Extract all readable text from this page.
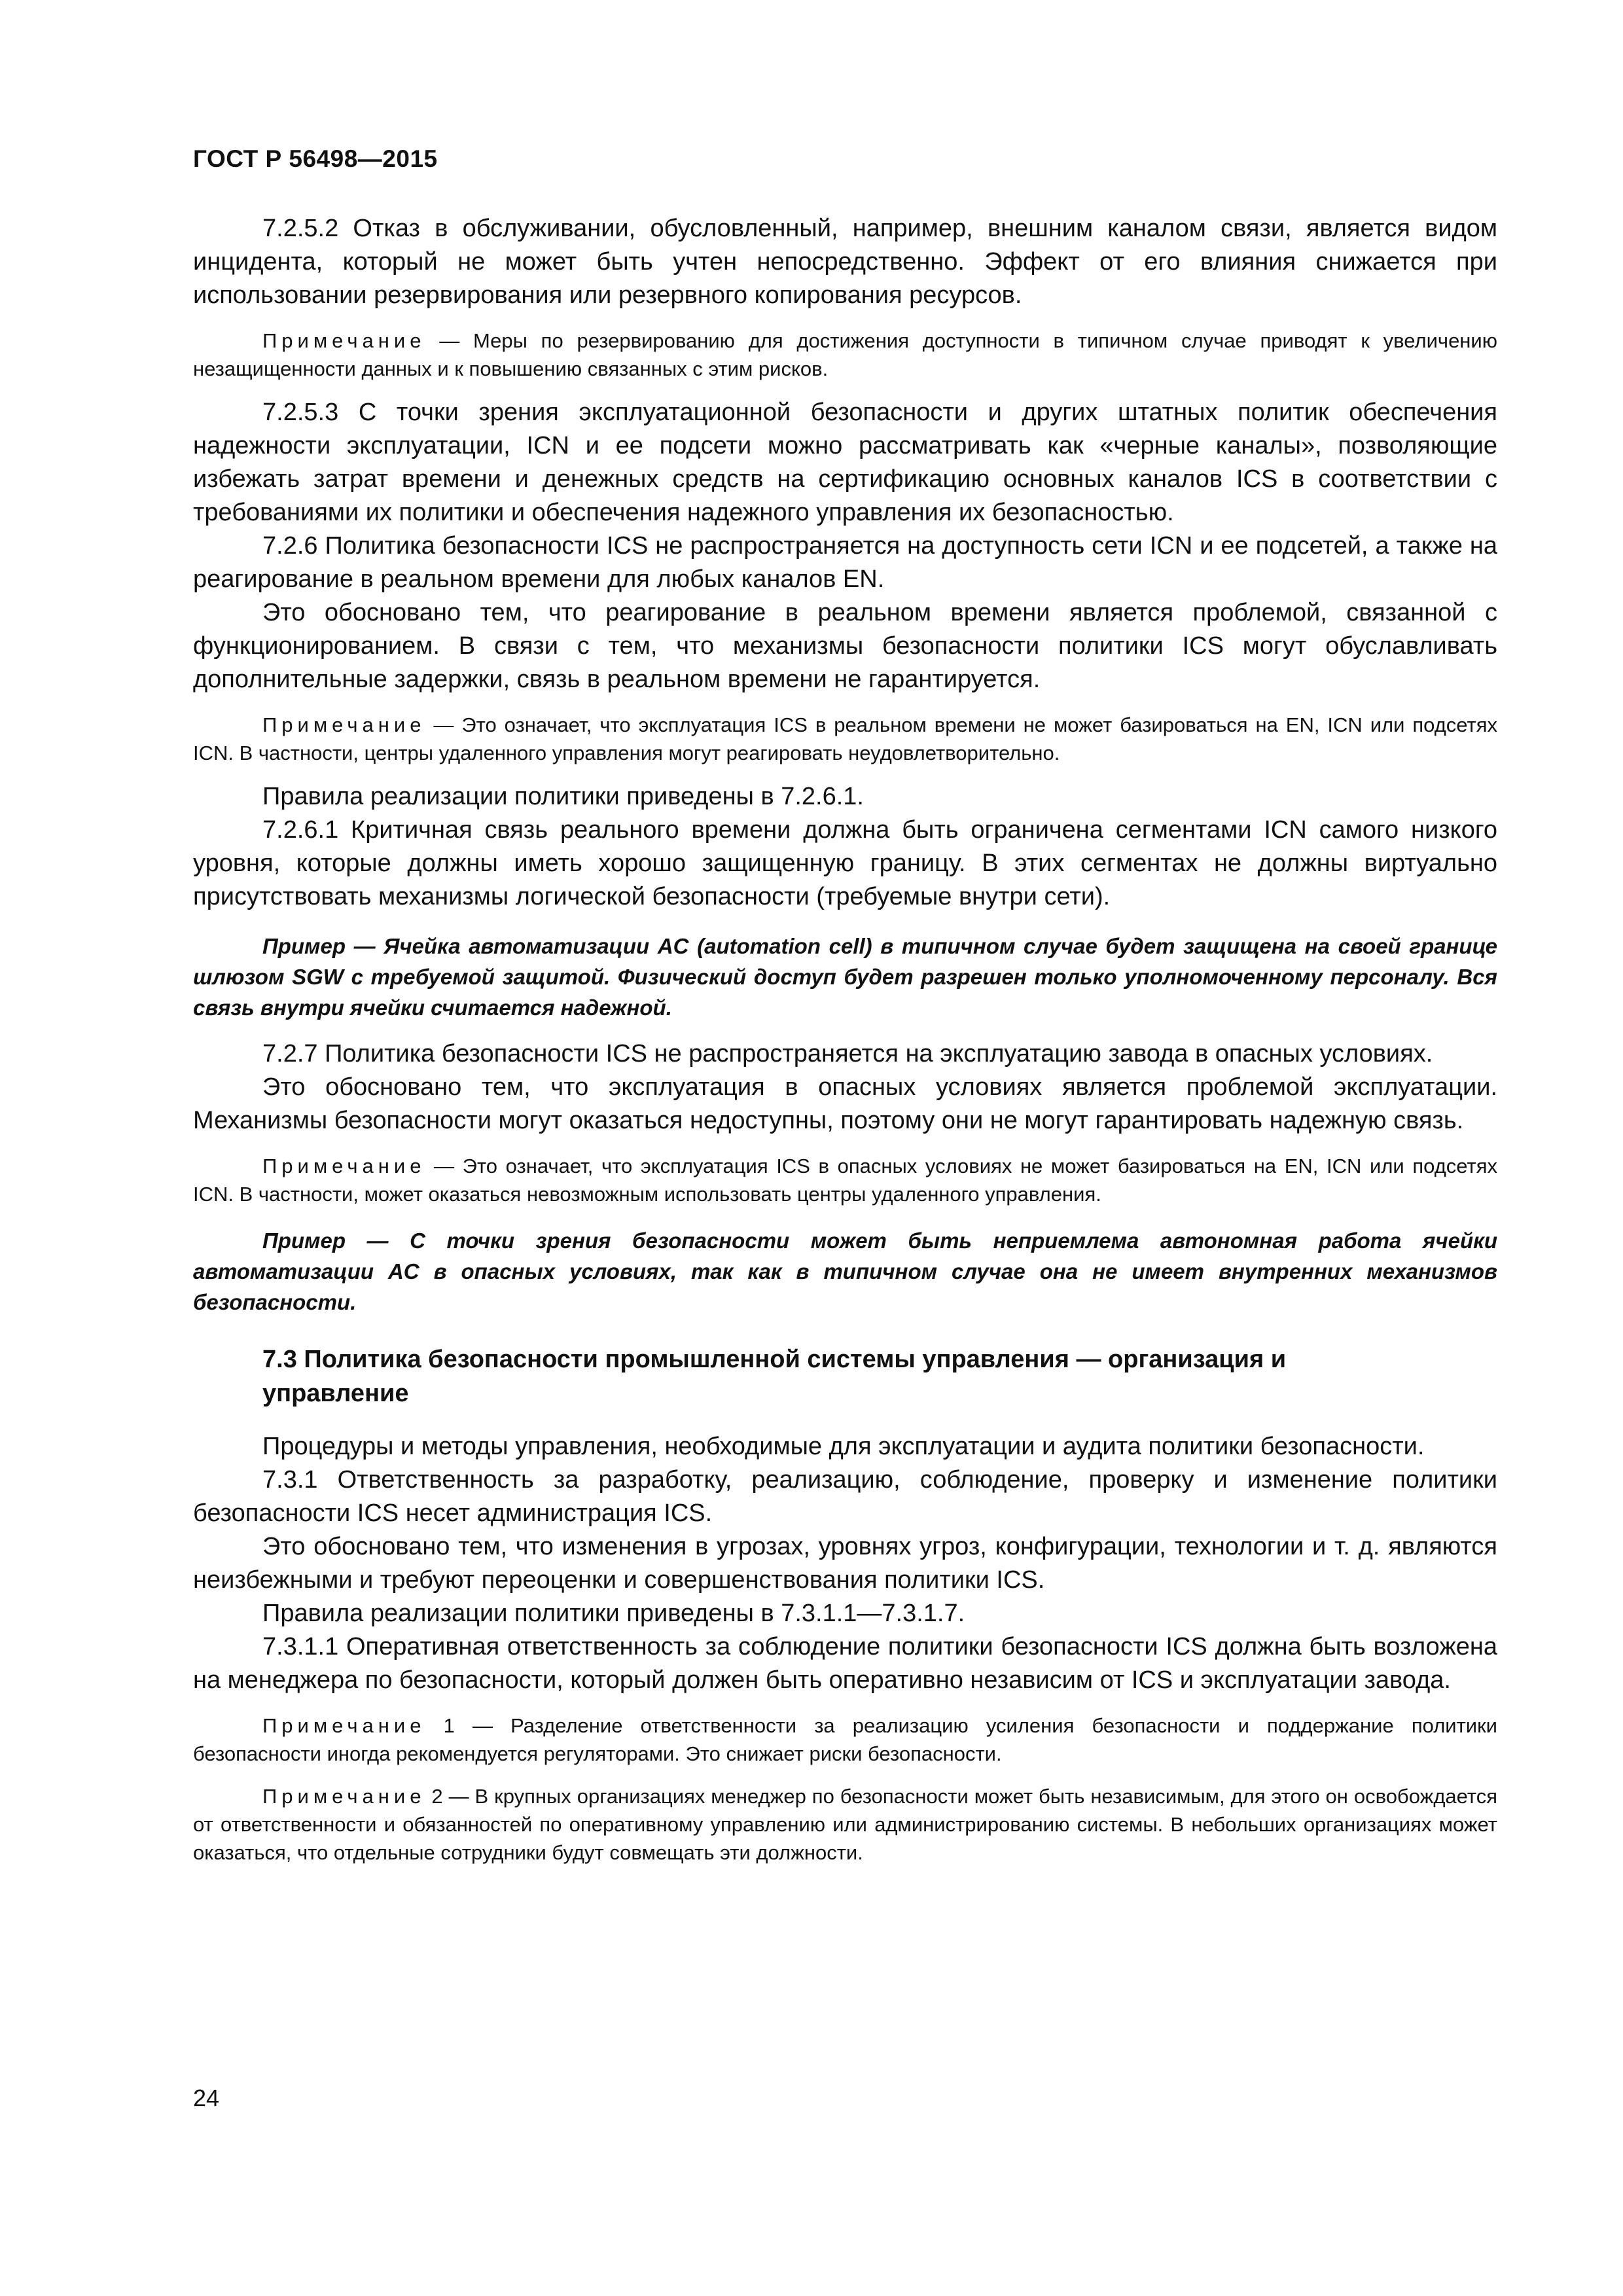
ГОСТ Р 56498—2015

7.2.5.2 Отказ в обслуживании, обусловленный, например, внешним каналом связи, является видом инцидента, который не может быть учтен непосредственно. Эффект от его влияния снижается при использовании резервирования или резервного копирования ресурсов.

Примечание — Меры по резервированию для достижения доступности в типичном случае приводят к увеличению незащищенности данных и к повышению связанных с этим рисков.

7.2.5.3 С точки зрения эксплуатационной безопасности и других штатных политик обеспечения надежности эксплуатации, ICN и ее подсети можно рассматривать как «черные каналы», позволяющие избежать затрат времени и денежных средств на сертификацию основных каналов ICS в соответствии с требованиями их политики и обеспечения надежного управления их безопасностью.

7.2.6 Политика безопасности ICS не распространяется на доступность сети ICN и ее подсетей, а также на реагирование в реальном времени для любых каналов EN.

Это обосновано тем, что реагирование в реальном времени является проблемой, связанной с функционированием. В связи с тем, что механизмы безопасности политики ICS могут обуславливать дополнительные задержки, связь в реальном времени не гарантируется.

Примечание — Это означает, что эксплуатация ICS в реальном времени не может базироваться на EN, ICN или подсетях ICN. В частности, центры удаленного управления могут реагировать неудовлетворительно.

Правила реализации политики приведены в 7.2.6.1.

7.2.6.1 Критичная связь реального времени должна быть ограничена сегментами ICN самого низкого уровня, которые должны иметь хорошо защищенную границу. В этих сегментах не должны виртуально присутствовать механизмы логической безопасности (требуемые внутри сети).

Пример — Ячейка автоматизации AC (automation cell) в типичном случае будет защищена на своей границе шлюзом SGW с требуемой защитой. Физический доступ будет разрешен только уполномоченному персоналу. Вся связь внутри ячейки считается надежной.

7.2.7 Политика безопасности ICS не распространяется на эксплуатацию завода в опасных условиях.

Это обосновано тем, что эксплуатация в опасных условиях является проблемой эксплуатации. Механизмы безопасности могут оказаться недоступны, поэтому они не могут гарантировать надежную связь.

Примечание — Это означает, что эксплуатация ICS в опасных условиях не может базироваться на EN, ICN или подсетях ICN. В частности, может оказаться невозможным использовать центры удаленного управления.

Пример — С точки зрения безопасности может быть неприемлема автономная работа ячейки автоматизации AC в опасных условиях, так как в типичном случае она не имеет внутренних механизмов безопасности.

7.3 Политика безопасности промышленной системы управления — организация и управление

Процедуры и методы управления, необходимые для эксплуатации и аудита политики безопасности.

7.3.1 Ответственность за разработку, реализацию, соблюдение, проверку и изменение политики безопасности ICS несет администрация ICS.

Это обосновано тем, что изменения в угрозах, уровнях угроз, конфигурации, технологии и т. д. являются неизбежными и требуют переоценки и совершенствования политики ICS.

Правила реализации политики приведены в 7.3.1.1—7.3.1.7.

7.3.1.1 Оперативная ответственность за соблюдение политики безопасности ICS должна быть возложена на менеджера по безопасности, который должен быть оперативно независим от ICS и эксплуатации завода.

Примечание 1 — Разделение ответственности за реализацию усиления безопасности и поддержание политики безопасности иногда рекомендуется регуляторами. Это снижает риски безопасности.

Примечание 2 — В крупных организациях менеджер по безопасности может быть независимым, для этого он освобождается от ответственности и обязанностей по оперативному управлению или администрированию системы. В небольших организациях может оказаться, что отдельные сотрудники будут совмещать эти должности.

24
